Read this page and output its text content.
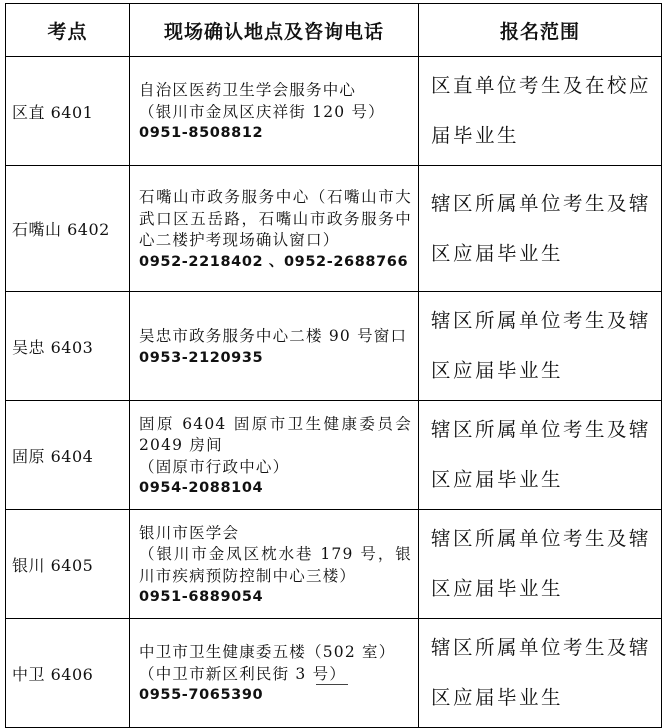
考点	现场确认地点及咨询电话	报名范围
区直 6401	自治区医药卫生学会服务中心
（银川市金凤区庆祥街 120 号）
0951-8508812	区直单位考生及在校应届毕业生
石嘴山 6402	石嘴山市政务服务中心（石嘴山市大武口区五岳路，石嘴山市政务服务中心二楼护考现场确认窗口）
0952-2218402 、0952-2688766	辖区所属单位考生及辖区应届毕业生
吴忠 6403	吴忠市政务服务中心二楼 90 号窗口
0953-2120935	辖区所属单位考生及辖区应届毕业生
固原 6404	固原 6404 固原市卫生健康委员会 2049 房间
（固原市行政中心）
0954-2088104	辖区所属单位考生及辖区应届毕业生
银川 6405	银川市医学会
（银川市金凤区枕水巷 179 号，银川市疾病预防控制中心三楼）
0951-6889054	辖区所属单位考生及辖区应届毕业生
中卫 6406	中卫市卫生健康委五楼（502 室）
（中卫市新区利民街 3 号）
0955-7065390	辖区所属单位考生及辖区应届毕业生
